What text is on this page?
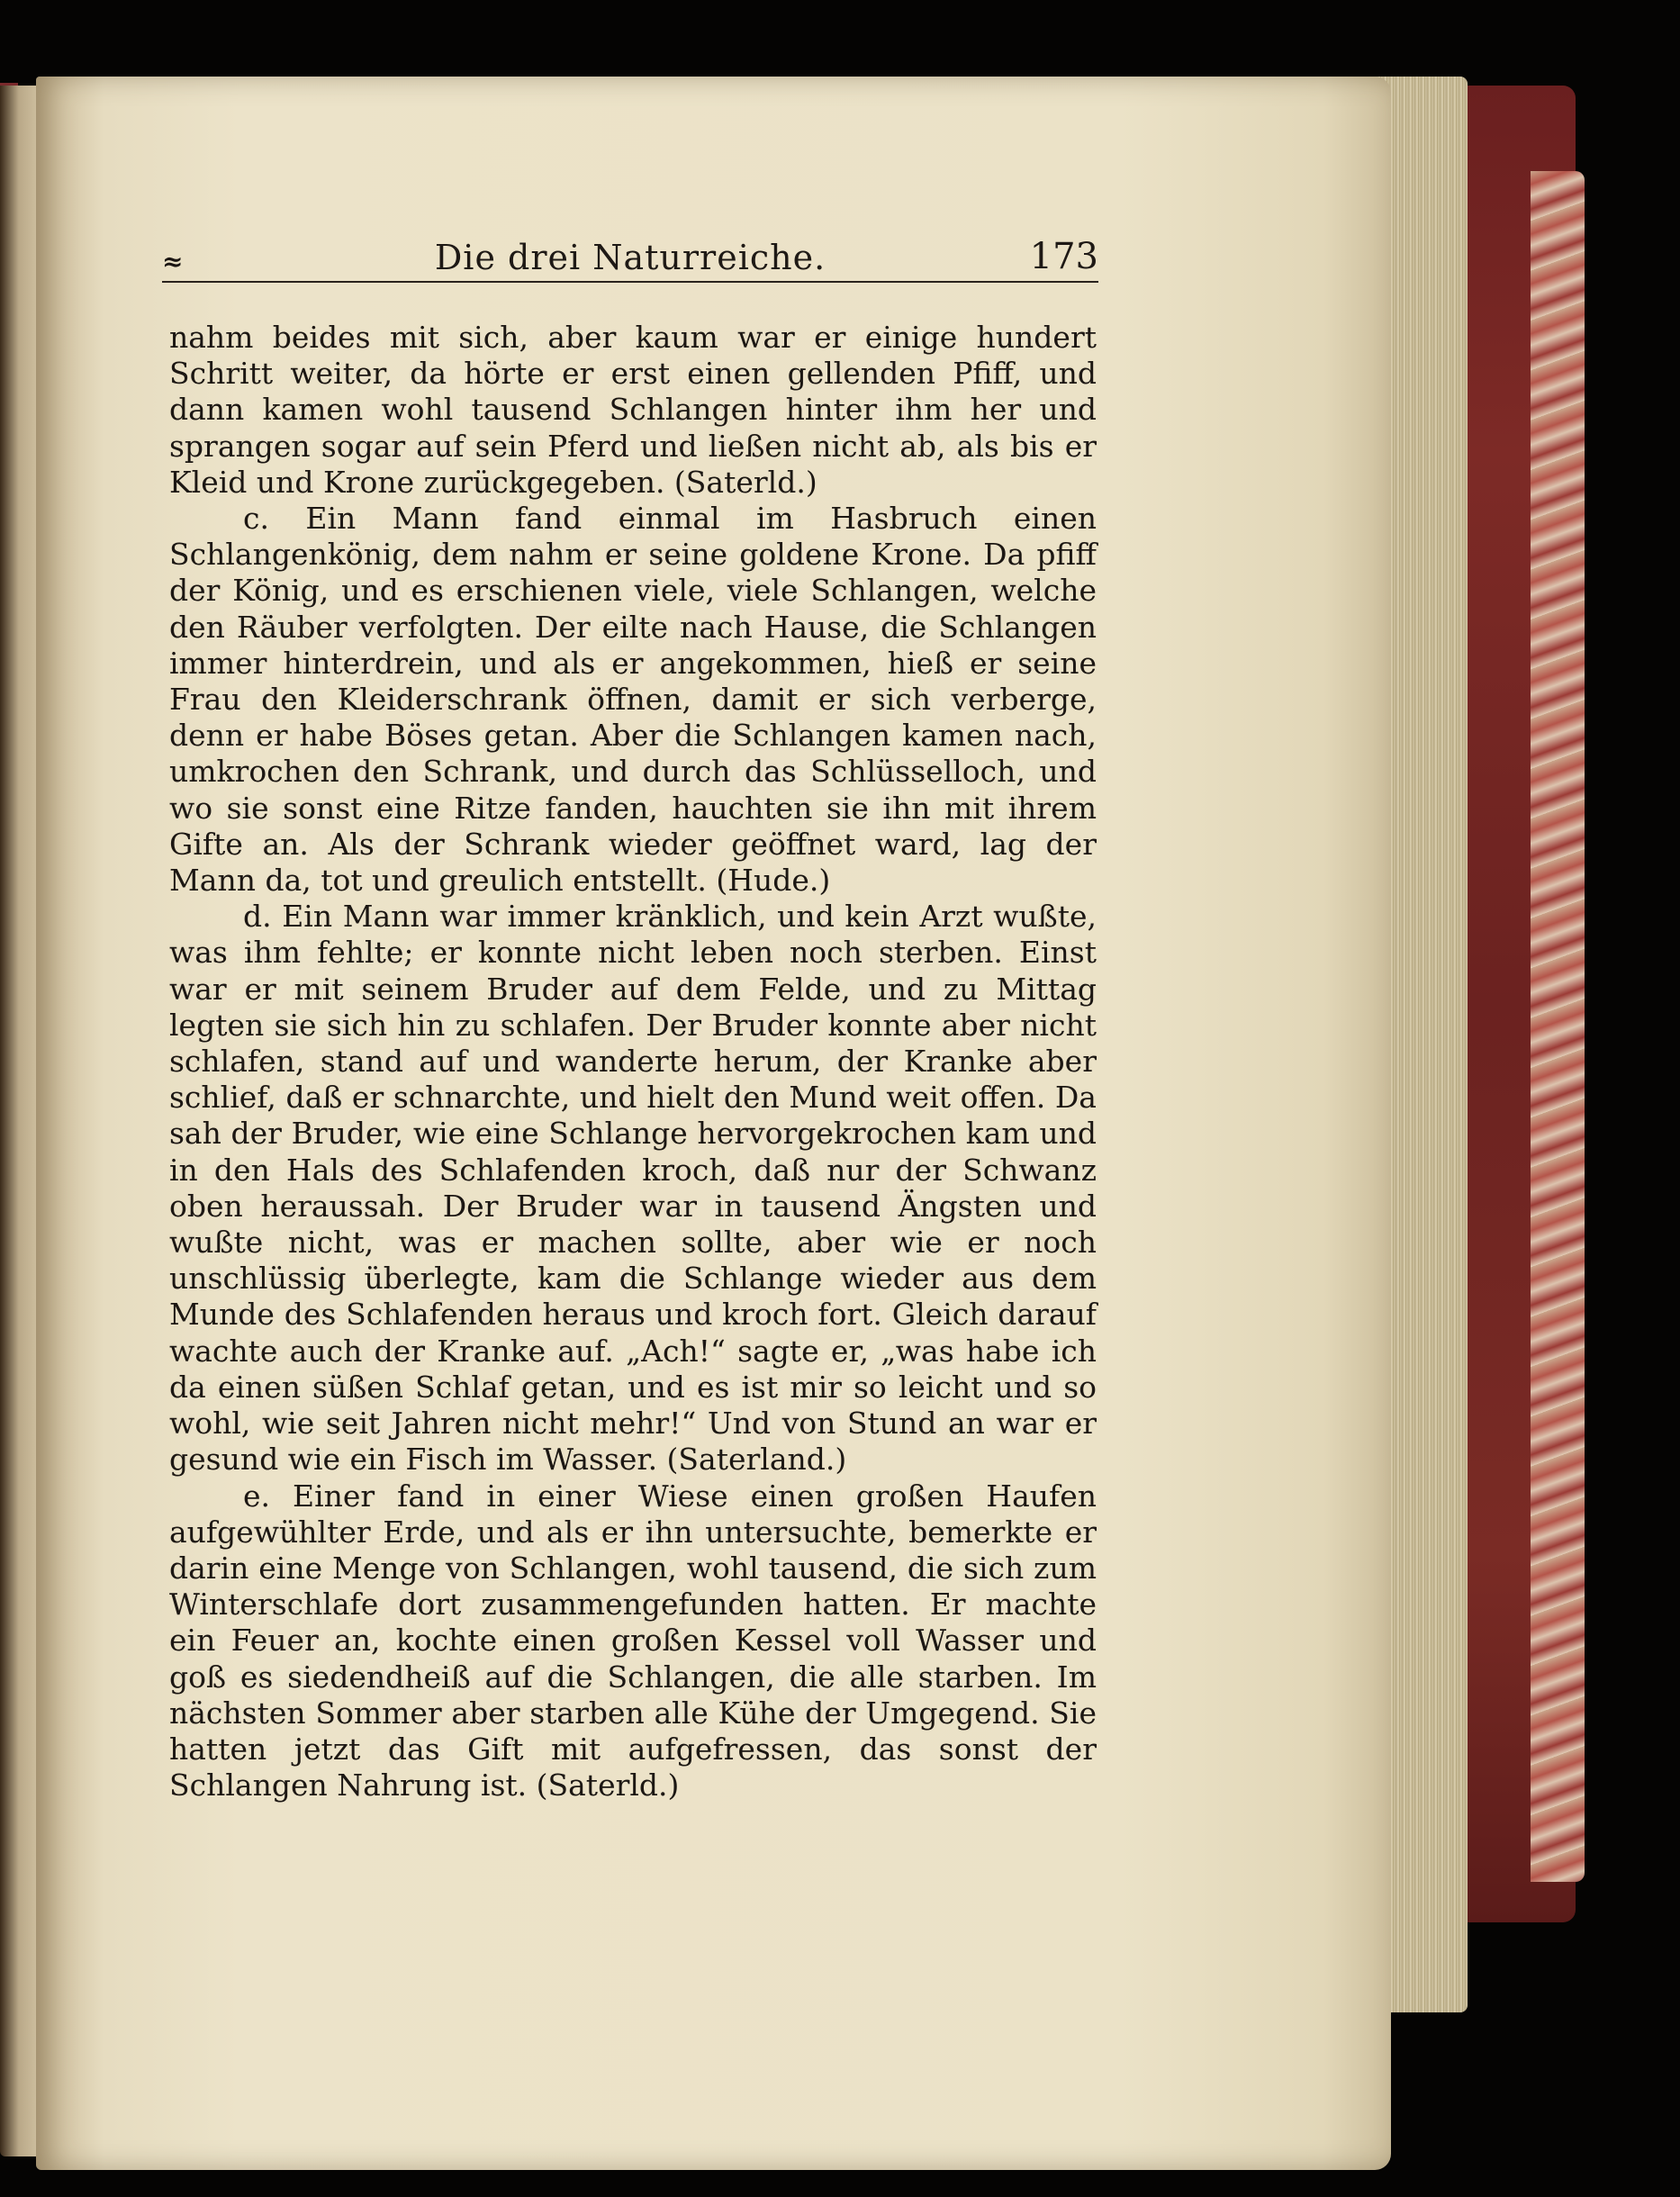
≈	Die drei Naturreiche.	173

nahm beides mit sich, aber kaum war er einige hundert Schritt weiter, da hörte er erst einen gellenden Pfiff, und dann kamen wohl tausend Schlangen hinter ihm her und sprangen sogar auf sein Pferd und ließen nicht ab, als bis er Kleid und Krone zurückgegeben. (Saterld.)

c. Ein Mann fand einmal im Hasbruch einen Schlangenkönig, dem nahm er seine goldene Krone. Da pfiff der König, und es erschienen viele, viele Schlangen, welche den Räuber verfolgten. Der eilte nach Hause, die Schlangen immer hinterdrein, und als er angekommen, hieß er seine Frau den Kleiderschrank öffnen, damit er sich verberge, denn er habe Böses getan. Aber die Schlangen kamen nach, umkrochen den Schrank, und durch das Schlüsselloch, und wo sie sonst eine Ritze fanden, hauchten sie ihn mit ihrem Gifte an. Als der Schrank wieder geöffnet ward, lag der Mann da, tot und greulich entstellt. (Hude.)

d. Ein Mann war immer kränklich, und kein Arzt wußte, was ihm fehlte; er konnte nicht leben noch sterben. Einst war er mit seinem Bruder auf dem Felde, und zu Mittag legten sie sich hin zu schlafen. Der Bruder konnte aber nicht schlafen, stand auf und wanderte herum, der Kranke aber schlief, daß er schnarchte, und hielt den Mund weit offen. Da sah der Bruder, wie eine Schlange hervorgekrochen kam und in den Hals des Schlafenden kroch, daß nur der Schwanz oben heraussah. Der Bruder war in tausend Ängsten und wußte nicht, was er machen sollte, aber wie er noch unschlüssig überlegte, kam die Schlange wieder aus dem Munde des Schlafenden heraus und kroch fort. Gleich darauf wachte auch der Kranke auf. „Ach!“ sagte er, „was habe ich da einen süßen Schlaf getan, und es ist mir so leicht und so wohl, wie seit Jahren nicht mehr!“ Und von Stund an war er gesund wie ein Fisch im Wasser. (Saterland.)

e. Einer fand in einer Wiese einen großen Haufen aufgewühlter Erde, und als er ihn untersuchte, bemerkte er darin eine Menge von Schlangen, wohl tausend, die sich zum Winterschlafe dort zusammengefunden hatten. Er machte ein Feuer an, kochte einen großen Kessel voll Wasser und goß es siedendheiß auf die Schlangen, die alle starben. Im nächsten Sommer aber starben alle Kühe der Umgegend. Sie hatten jetzt das Gift mit aufgefressen, das sonst der Schlangen Nahrung ist. (Saterld.)
